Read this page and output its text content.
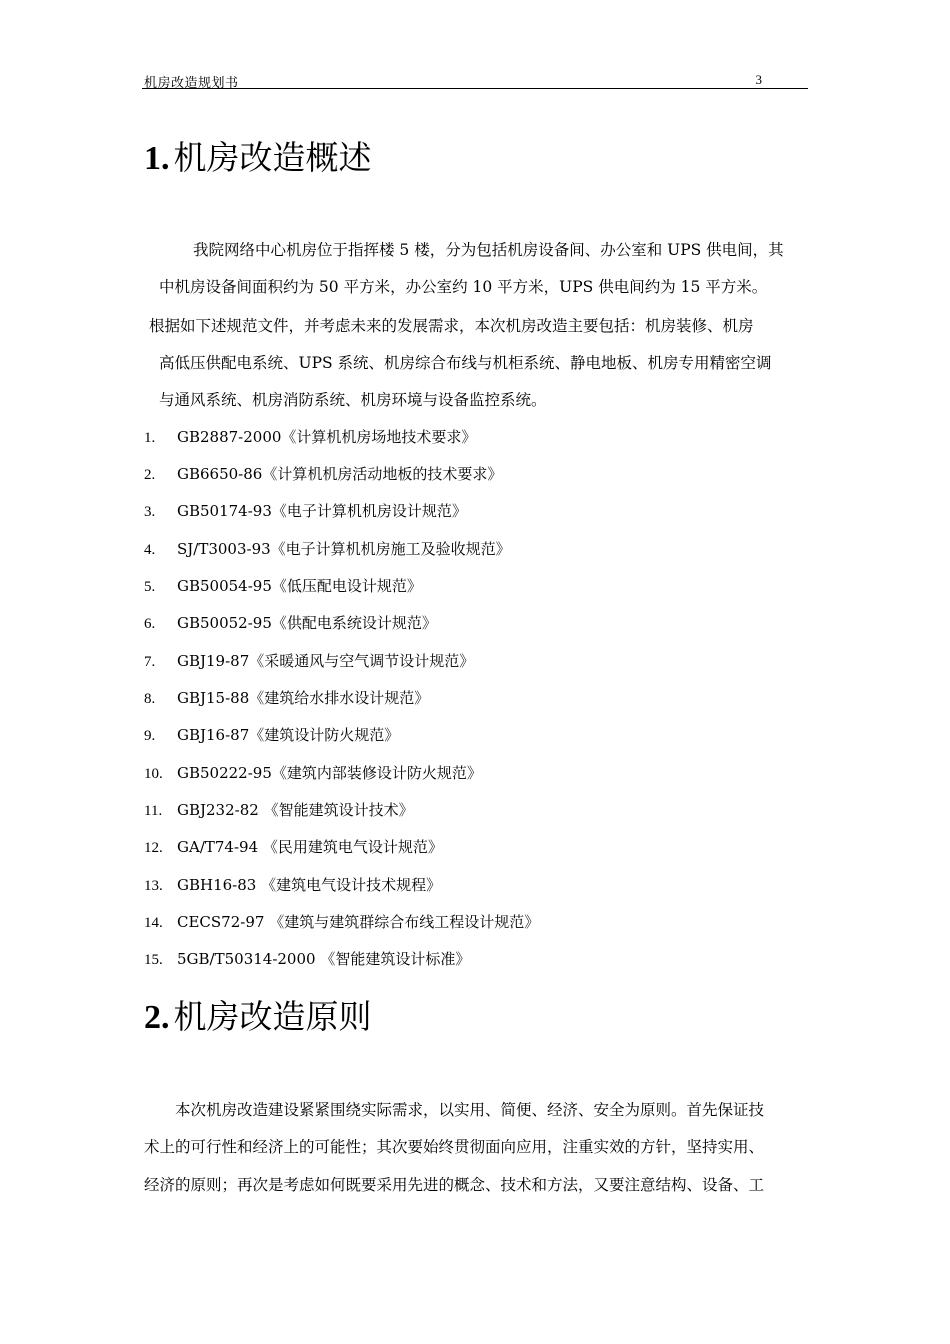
机房改造规划书	3
1. 机房改造概述
我院网络中心机房位于指挥楼 5 楼，分为包括机房设备间、办公室和 UPS 供电间，其
中机房设备间面积约为 50 平方米，办公室约 10 平方米，UPS 供电间约为 15 平方米。
根据如下述规范文件，并考虑未来的发展需求，本次机房改造主要包括：机房装修、机房
高低压供配电系统、UPS 系统、机房综合布线与机柜系统、静电地板、机房专用精密空调
与通风系统、机房消防系统、机房环境与设备监控系统。
1. GB2887-2000《计算机机房场地技术要求》
2. GB6650-86《计算机机房活动地板的技术要求》
3. GB50174-93《电子计算机机房设计规范》
4. SJ/T3003-93《电子计算机机房施工及验收规范》
5. GB50054-95《低压配电设计规范》
6. GB50052-95《供配电系统设计规范》
7. GBJ19-87《采暖通风与空气调节设计规范》
8. GBJ15-88《建筑给水排水设计规范》
9. GBJ16-87《建筑设计防火规范》
10. GB50222-95《建筑内部装修设计防火规范》
11. GBJ232-82 《智能建筑设计技术》
12. GA/T74-94 《民用建筑电气设计规范》
13. GBH16-83 《建筑电气设计技术规程》
14. CECS72-97 《建筑与建筑群综合布线工程设计规范》
15. 5GB/T50314-2000 《智能建筑设计标准》
2. 机房改造原则
本次机房改造建设紧紧围绕实际需求，以实用、简便、经济、安全为原则。首先保证技
术上的可行性和经济上的可能性；其次要始终贯彻面向应用，注重实效的方针，坚持实用、
经济的原则；再次是考虑如何既要采用先进的概念、技术和方法，又要注意结构、设备、工
